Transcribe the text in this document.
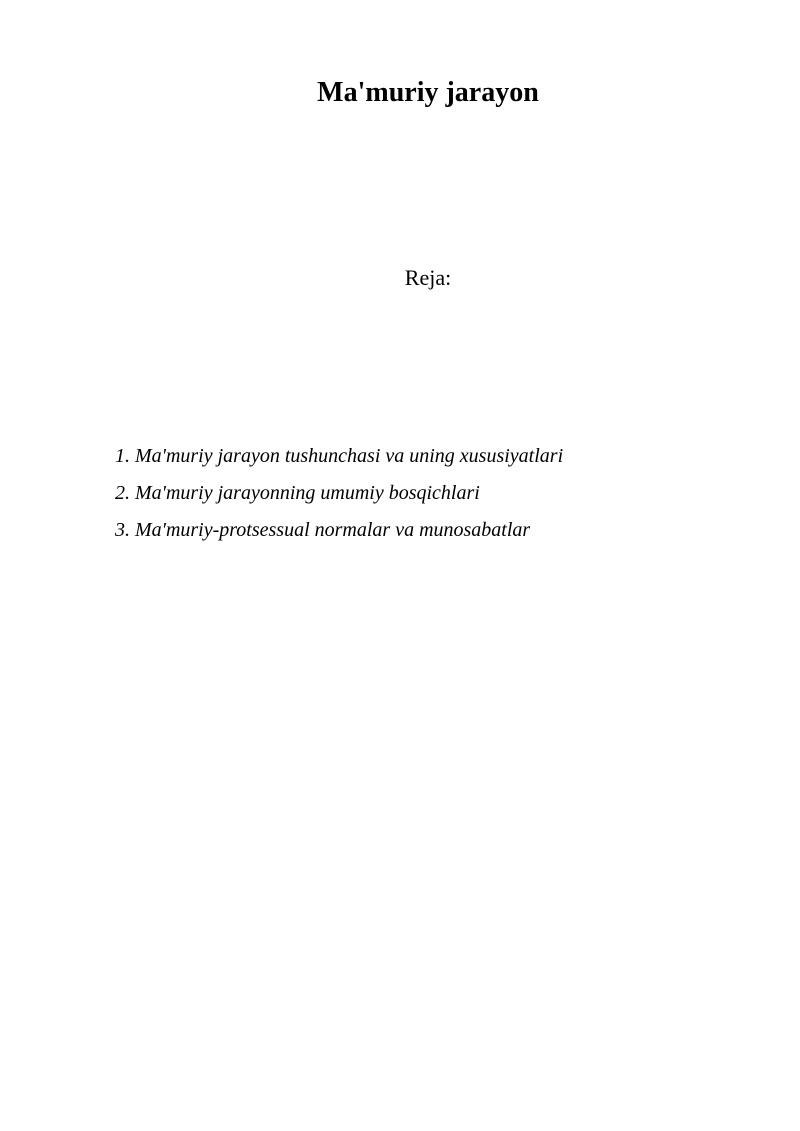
Ma'muriy jarayon

Reja:

1. Ma'muriy jarayon tushunchasi va uning xususiyatlari
2. Ma'muriy jarayonning umumiy bosqichlari
3. Ma'muriy-protsessual normalar va munosabatlar
